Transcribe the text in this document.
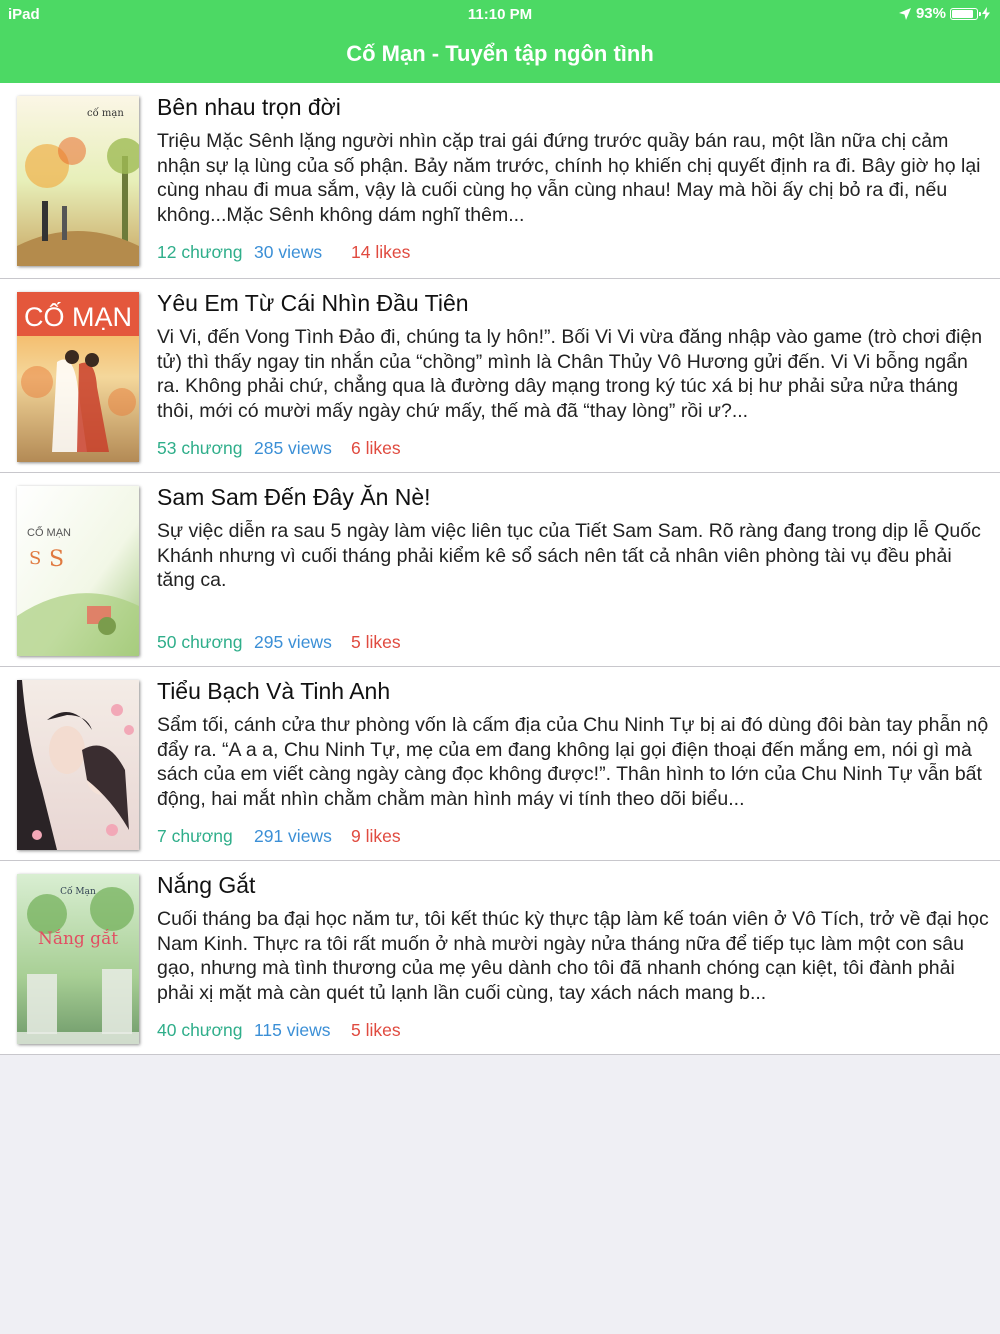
iPad	11:10 PM	93%
Cố Mạn - Tuyển tập ngôn tình
cố mạn Bên nhau trọn đời
Triệu Mặc Sênh lặng người nhìn cặp trai gái đứng trước quầy bán rau, một lần nữa chị cảm nhận sự lạ lùng của số phận. Bảy năm trước, chính họ khiến chị quyết định ra đi. Bây giờ họ lại cùng nhau đi mua sắm, vậy là cuối cùng họ vẫn cùng nhau! May mà hồi ấy chị bỏ ra đi, nếu không...Mặc Sênh không dám nghĩ thêm...
12 chương 30 views 14 likes
CỐ MẠN Yêu Em Từ Cái Nhìn Đầu Tiên
Vi Vi, đến Vong Tình Đảo đi, chúng ta ly hôn!”. Bối Vi Vi vừa đăng nhập vào game (trò chơi điện tử) thì thấy ngay tin nhắn của “chồng” mình là Chân Thủy Vô Hương gửi đến. Vi Vi bỗng ngẩn ra. Không phải chứ, chẳng qua là đường dây mạng trong ký túc xá bị hư phải sửa nửa tháng thôi, mới có mười mấy ngày chứ mấy, thế mà đã “thay lòng” rồi ư?...
53 chương 285 views 6 likes
CỐ MẠN
S S
Sam Sam Đến Đây Ăn Nè!
Sự việc diễn ra sau 5 ngày làm việc liên tục của Tiết Sam Sam. Rõ ràng đang trong dịp lễ Quốc Khánh nhưng vì cuối tháng phải kiểm kê sổ sách nên tất cả nhân viên phòng tài vụ đều phải tăng ca.
50 chương 295 views 5 likes
Tiểu Bạch Và Tinh Anh
Sẩm tối, cánh cửa thư phòng vốn là cấm địa của Chu Ninh Tự bị ai đó dùng đôi bàn tay phẫn nộ đẩy ra. “A a a, Chu Ninh Tự, mẹ của em đang không lại gọi điện thoại đến mắng em, nói gì mà sách của em viết càng ngày càng đọc không được!”. Thân hình to lớn của Chu Ninh Tự vẫn bất động, hai mắt nhìn chằm chằm màn hình máy vi tính theo dõi biểu...
7 chương 291 views 9 likes
Cố Mạn
Nắng gắt
Nắng Gắt
Cuối tháng ba đại học năm tư, tôi kết thúc kỳ thực tập làm kế toán viên ở Vô Tích, trở về đại học Nam Kinh. Thực ra tôi rất muốn ở nhà mười ngày nửa tháng nữa để tiếp tục làm một con sâu gạo, nhưng mà tình thương của mẹ yêu dành cho tôi đã nhanh chóng cạn kiệt, tôi đành phải phải xị mặt mà càn quét tủ lạnh lần cuối cùng, tay xách nách mang b...
40 chương 115 views 5 likes
